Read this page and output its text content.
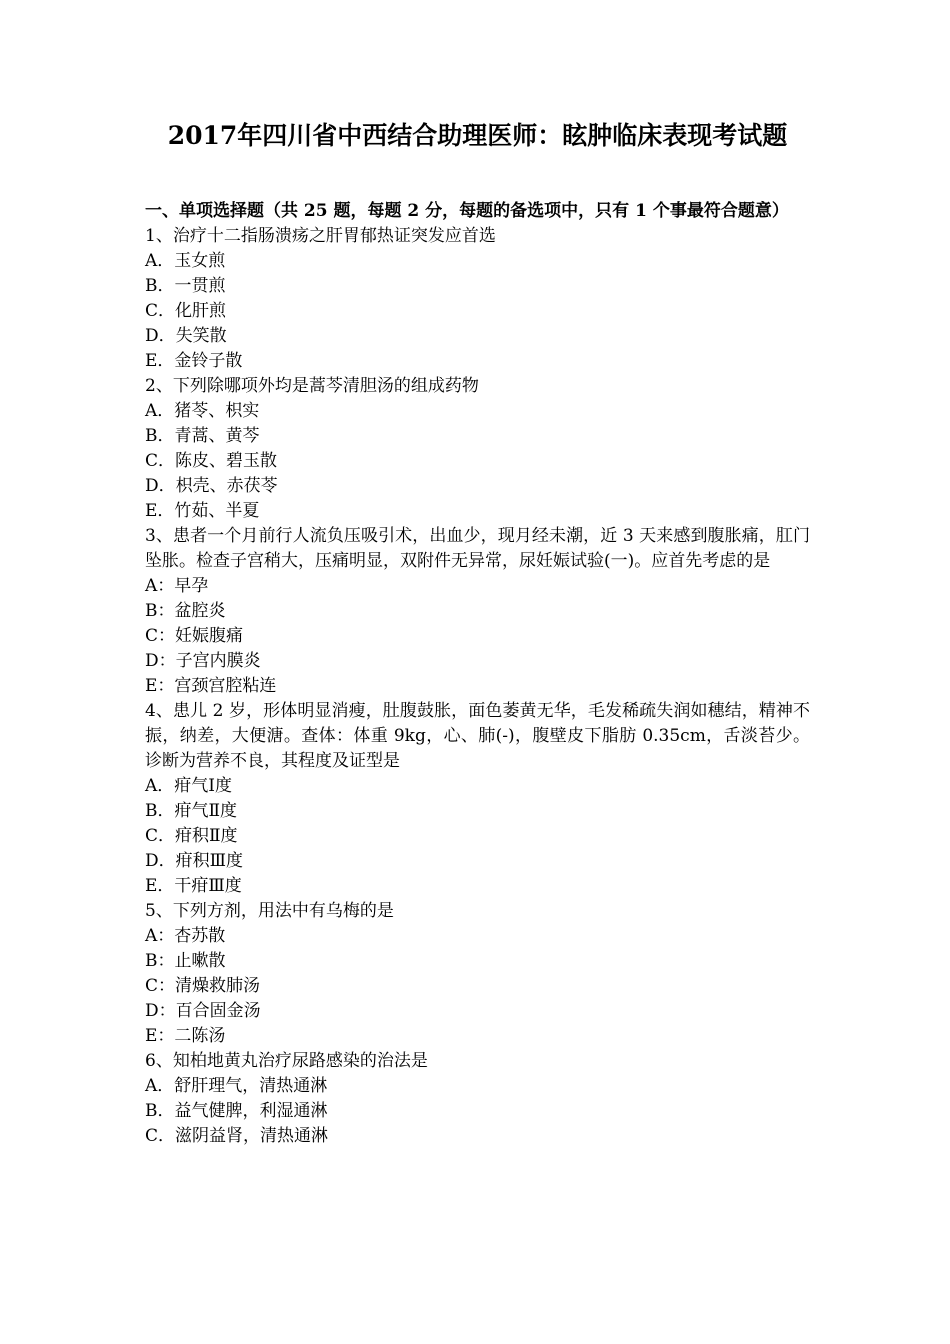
2017年四川省中西结合助理医师：眩肿临床表现考试题
一、单项选择题（共 25 题，每题 2 分，每题的备选项中，只有 1 个事最符合题意）
1、治疗十二指肠溃疡之肝胃郁热证突发应首选
A．玉女煎
B．一贯煎
C．化肝煎
D．失笑散
E．金铃子散
2、下列除哪项外均是蒿芩清胆汤的组成药物
A．猪苓、枳实
B．青蒿、黄芩
C．陈皮、碧玉散
D．枳壳、赤茯苓
E．竹茹、半夏
3、患者一个月前行人流负压吸引术，出血少，现月经未潮，近 3 天来感到腹胀痛，肛门坠胀。检查子宫稍大，压痛明显，双附件无异常，尿妊娠试验(一)。应首先考虑的是
A：早孕
B：盆腔炎
C：妊娠腹痛
D：子宫内膜炎
E：宫颈宫腔粘连
4、患儿 2 岁，形体明显消瘦，肚腹鼓胀，面色萎黄无华，毛发稀疏失润如穗结，精神不振，纳差，大便溏。查体：体重 9kg，心、肺(-)，腹壁皮下脂肪 0.35cm，舌淡苔少。诊断为营养不良，其程度及证型是
A．疳气Ⅰ度
B．疳气Ⅱ度
C．疳积Ⅱ度
D．疳积Ⅲ度
E．干疳Ⅲ度
5、下列方剂，用法中有乌梅的是
A：杏苏散
B：止嗽散
C：清燥救肺汤
D：百合固金汤
E：二陈汤
6、知柏地黄丸治疗尿路感染的治法是
A．舒肝理气，清热通淋
B．益气健脾，利湿通淋
C．滋阴益肾，清热通淋
